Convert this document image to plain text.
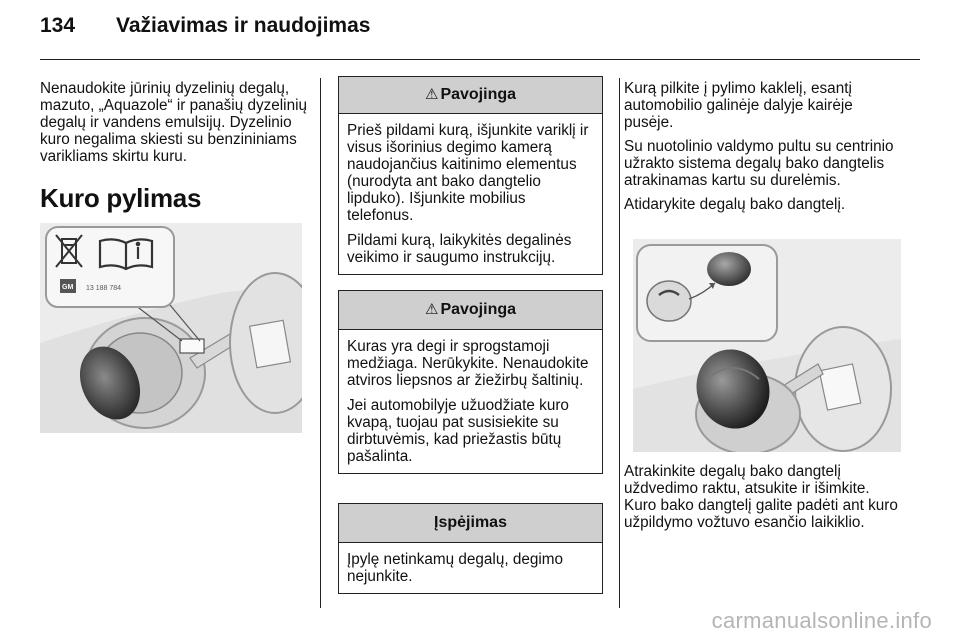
134 Važiavimas ir naudojimas

Nenaudokite jūrinių dyzelinių degalų, mazuto, „Aquazole“ ir panašių dyzelinių degalų ir vandens emulsijų. Dyzelinio kuro negalima skiesti su benzininiams varikliams skirtu kuru.

Kuro pylimas
GM 13 188 784
⚠ Pavojinga

Prieš pildami kurą, išjunkite variklį ir visus išorinius degimo kamerą naudojančius kaitinimo elementus (nurodyta ant bako dangtelio lipduko). Išjunkite mobilius telefonus.

Pildami kurą, laikykitės degalinės veikimo ir saugumo instrukcijų.

⚠ Pavojinga

Kuras yra degi ir sprogstamoji medžiaga. Nerūkykite. Nenaudokite atviros liepsnos ar žiežirbų šaltinių.

Jei automobilyje užuodžiate kuro kvapą, tuojau pat susisiekite su dirbtuvėmis, kad priežastis būtų pašalinta.

Įspėjimas

Įpylę netinkamų degalų, degimo nejunkite.

Kurą pilkite į pylimo kaklelį, esantį automobilio galinėje dalyje kairėje pusėje.

Su nuotolinio valdymo pultu su centrinio užrakto sistema degalų bako dangtelis atrakinamas kartu su durelėmis.

Atidarykite degalų bako dangtelį.

Atrakinkite degalų bako dangtelį uždvedimo raktu, atsukite ir išimkite. Kuro bako dangtelį galite padėti ant kuro užpildymo vožtuvo esančio laikiklio.

carmanualsonline.info
